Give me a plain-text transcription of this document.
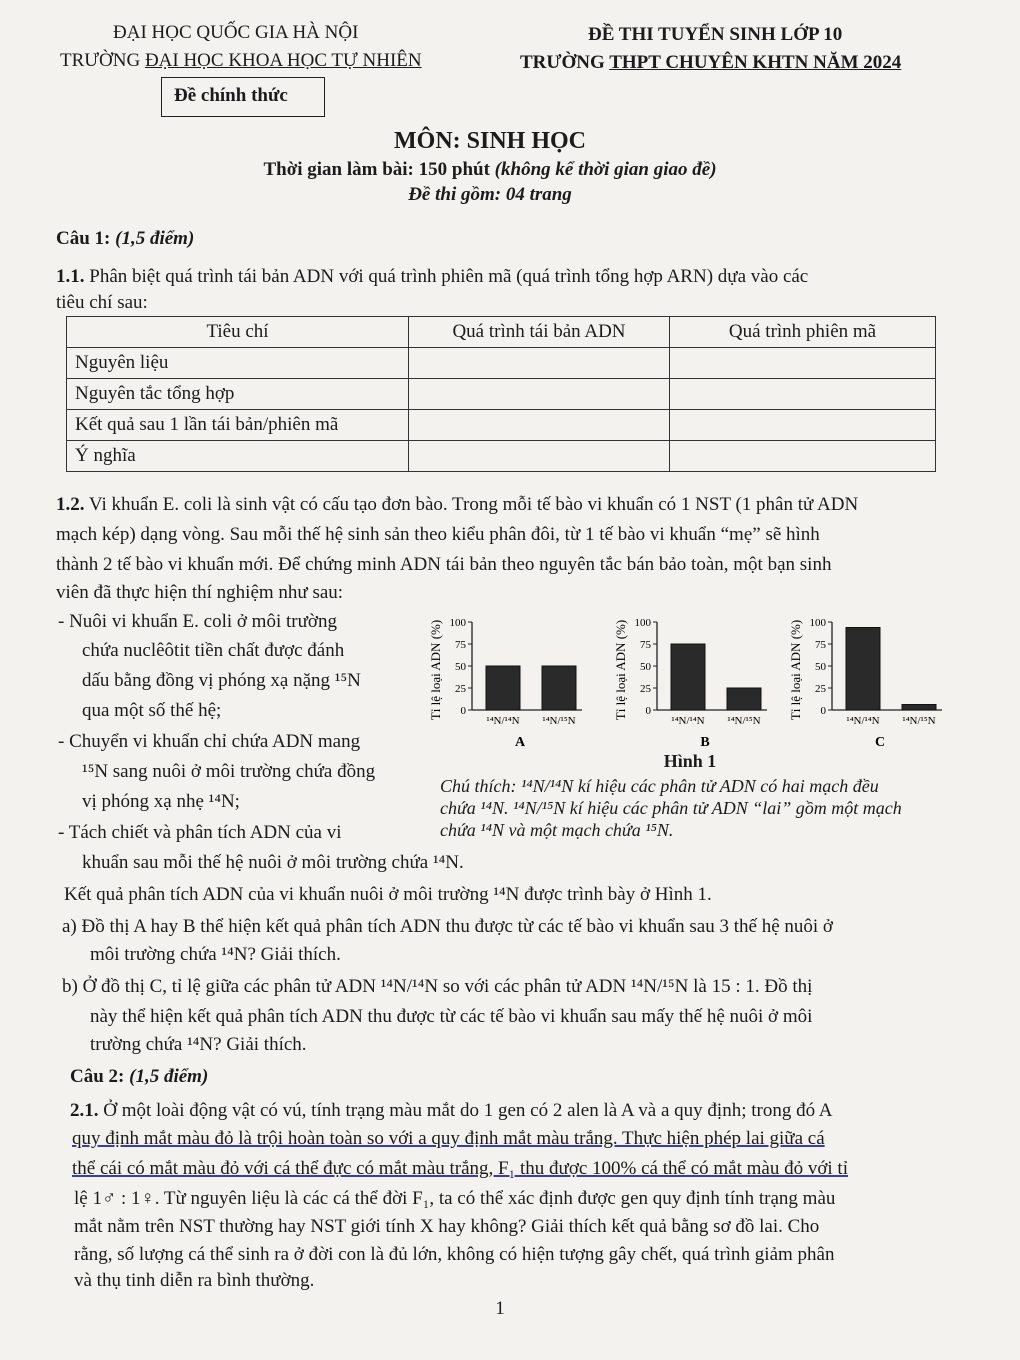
ĐẠI HỌC QUỐC GIA HÀ NỘI
TRƯỜNG ĐẠI HỌC KHOA HỌC TỰ NHIÊN
ĐỀ THI TUYỂN SINH LỚP 10
TRƯỜNG THPT CHUYÊN KHTN NĂM 2024
Đề chính thức
MÔN: SINH HỌC
Thời gian làm bài: 150 phút (không kể thời gian giao đề)
Đề thi gồm: 04 trang
Câu 1: (1,5 điểm)
1.1. Phân biệt quá trình tái bản ADN với quá trình phiên mã (quá trình tổng hợp ARN) dựa vào các
tiêu chí sau:
Tiêu chí	Quá trình tái bản ADN	Quá trình phiên mã
Nguyên liệu		
Nguyên tắc tổng hợp		
Kết quả sau 1 lần tái bản/phiên mã		
Ý nghĩa		
1.2. Vi khuẩn E. coli là sinh vật có cấu tạo đơn bào. Trong mỗi tế bào vi khuẩn có 1 NST (1 phân tử ADN
mạch kép) dạng vòng. Sau mỗi thế hệ sinh sản theo kiểu phân đôi, từ 1 tế bào vi khuẩn “mẹ” sẽ hình
thành 2 tế bào vi khuẩn mới. Để chứng minh ADN tái bản theo nguyên tắc bán bảo toàn, một bạn sinh
viên đã thực hiện thí nghiệm như sau:
- Nuôi vi khuẩn E. coli ở môi trường
chứa nuclêôtit tiền chất được đánh
dấu bằng đồng vị phóng xạ nặng ¹⁵N
qua một số thế hệ;
- Chuyển vi khuẩn chỉ chứa ADN mang
¹⁵N sang nuôi ở môi trường chứa đồng
vị phóng xạ nhẹ ¹⁴N;
- Tách chiết và phân tích ADN của vi
khuẩn sau mỗi thế hệ nuôi ở môi trường chứa ¹⁴N.
Tỉ lệ loại ADN (%) 0
25
50
75
100
¹⁴N/¹⁴N ¹⁴N/¹⁵N
A
Tỉ lệ loại ADN (%) 0
25
50
75
100
¹⁴N/¹⁴N ¹⁴N/¹⁵N
B
Tỉ lệ loại ADN (%) 0
25
50
75
100
¹⁴N/¹⁴N ¹⁴N/¹⁵N
C
Hình 1
Chú thích: ¹⁴N/¹⁴N kí hiệu các phân tử ADN có hai mạch đều
chứa ¹⁴N. ¹⁴N/¹⁵N kí hiệu các phân tử ADN “lai” gồm một mạch
chứa ¹⁴N và một mạch chứa ¹⁵N.
Kết quả phân tích ADN của vi khuẩn nuôi ở môi trường ¹⁴N được trình bày ở Hình 1.
a) Đồ thị A hay B thể hiện kết quả phân tích ADN thu được từ các tế bào vi khuẩn sau 3 thế hệ nuôi ở
môi trường chứa ¹⁴N? Giải thích.
b) Ở đồ thị C, tỉ lệ giữa các phân tử ADN ¹⁴N/¹⁴N so với các phân tử ADN ¹⁴N/¹⁵N là 15 : 1. Đồ thị
này thể hiện kết quả phân tích ADN thu được từ các tế bào vi khuẩn sau mấy thế hệ nuôi ở môi
trường chứa ¹⁴N? Giải thích.
Câu 2: (1,5 điểm)
2.1. Ở một loài động vật có vú, tính trạng màu mắt do 1 gen có 2 alen là A và a quy định; trong đó A
quy định mắt màu đỏ là trội hoàn toàn so với a quy định mắt màu trắng. Thực hiện phép lai giữa cá
thể cái có mắt màu đỏ với cá thể đực có mắt màu trắng, F₁ thu được 100% cá thể có mắt màu đỏ với tỉ
lệ 1♂ : 1♀. Từ nguyên liệu là các cá thể đời F₁, ta có thể xác định được gen quy định tính trạng màu
mắt nằm trên NST thường hay NST giới tính X hay không? Giải thích kết quả bằng sơ đồ lai. Cho
rằng, số lượng cá thể sinh ra ở đời con là đủ lớn, không có hiện tượng gây chết, quá trình giảm phân
và thụ tinh diễn ra bình thường.
1
